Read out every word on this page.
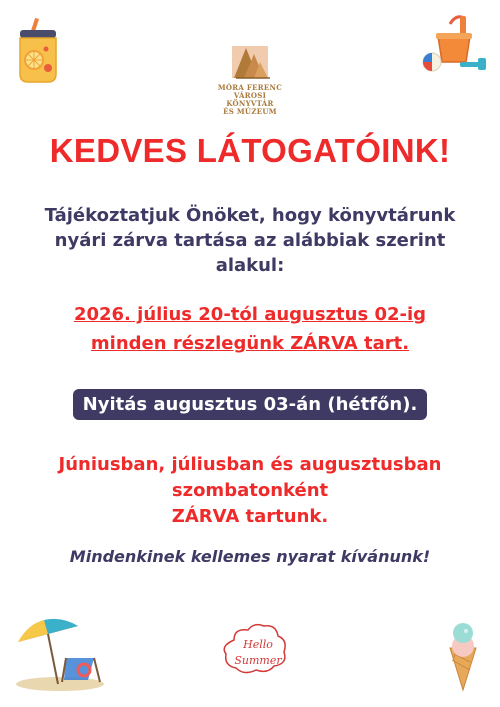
MÓRA FERENC
VÁROSI KÖNYVTÁR
ÉS MÚZEUM
KEDVES LÁTOGATÓINK!
Tájékoztatjuk Önöket, hogy könyvtárunk
nyári zárva tartása az alábbiak szerint
alakul:
2026. július 20-tól augusztus 02-ig
minden részlegünk ZÁRVA tart.
Nyitás augusztus 03-án (hétfőn).
Júniusban, júliusban és augusztusban
szombatonként
ZÁRVA tartunk.
Mindenkinek kellemes nyarat kívánunk!
Hello
Summer
